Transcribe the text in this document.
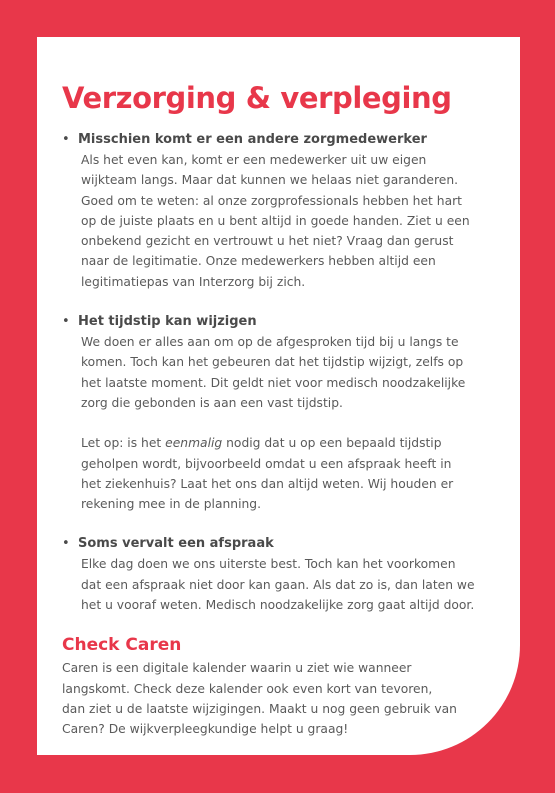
Verzorging & verpleging
• Misschien komt er een andere zorgmedewerker
Als het even kan, komt er een medewerker uit uw eigen
wijkteam langs. Maar dat kunnen we helaas niet garanderen.
Goed om te weten: al onze zorgprofessionals hebben het hart
op de juiste plaats en u bent altijd in goede handen. Ziet u een
onbekend gezicht en vertrouwt u het niet? Vraag dan gerust
naar de legitimatie. Onze medewerkers hebben altijd een
legitimatiepas van Interzorg bij zich.
• Het tijdstip kan wijzigen
We doen er alles aan om op de afgesproken tijd bij u langs te
komen. Toch kan het gebeuren dat het tijdstip wijzigt, zelfs op
het laatste moment. Dit geldt niet voor medisch noodzakelijke
zorg die gebonden is aan een vast tijdstip.
Let op: is het eenmalig nodig dat u op een bepaald tijdstip
geholpen wordt, bijvoorbeeld omdat u een afspraak heeft in
het ziekenhuis? Laat het ons dan altijd weten. Wij houden er
rekening mee in de planning.
• Soms vervalt een afspraak
Elke dag doen we ons uiterste best. Toch kan het voorkomen
dat een afspraak niet door kan gaan. Als dat zo is, dan laten we
het u vooraf weten. Medisch noodzakelijke zorg gaat altijd door.
Check Caren
Caren is een digitale kalender waarin u ziet wie wanneer
langskomt. Check deze kalender ook even kort van tevoren,
dan ziet u de laatste wijzigingen. Maakt u nog geen gebruik van
Caren? De wijkverpleegkundige helpt u graag!
